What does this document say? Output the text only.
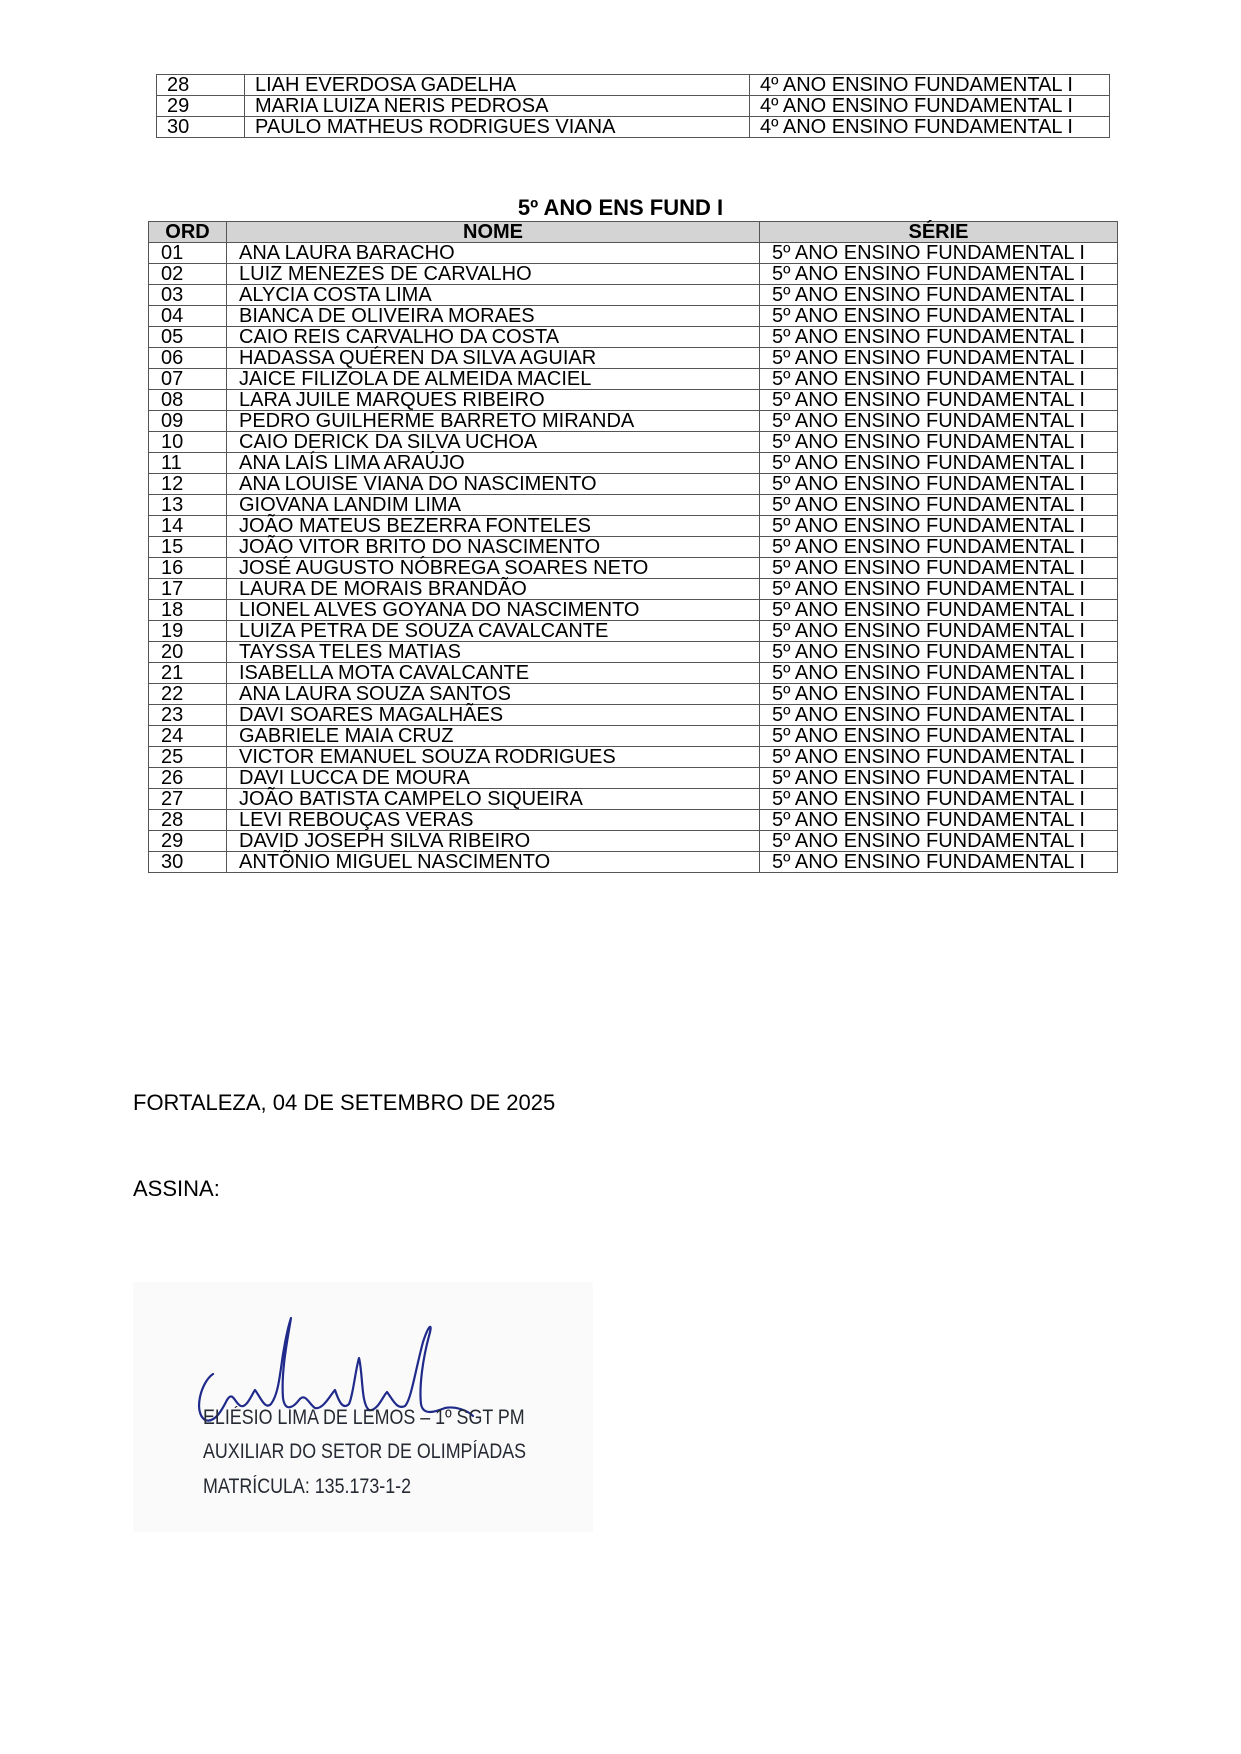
28	LIAH EVERDOSA GADELHA	4º ANO ENSINO FUNDAMENTAL I
29	MARIA LUIZA NERIS PEDROSA	4º ANO ENSINO FUNDAMENTAL I
30	PAULO MATHEUS RODRIGUES VIANA	4º ANO ENSINO FUNDAMENTAL I
5º ANO ENS FUND I
ORD	NOME	SÉRIE
01	ANA LAURA BARACHO	5º ANO ENSINO FUNDAMENTAL I
02	LUIZ MENEZES DE CARVALHO	5º ANO ENSINO FUNDAMENTAL I
03	ALYCIA COSTA LIMA	5º ANO ENSINO FUNDAMENTAL I
04	BIANCA DE OLIVEIRA MORAES	5º ANO ENSINO FUNDAMENTAL I
05	CAIO REIS CARVALHO DA COSTA	5º ANO ENSINO FUNDAMENTAL I
06	HADASSA QUÉREN DA SILVA AGUIAR	5º ANO ENSINO FUNDAMENTAL I
07	JAICE FILIZOLA DE ALMEIDA MACIEL	5º ANO ENSINO FUNDAMENTAL I
08	LARA JUILE MARQUES RIBEIRO	5º ANO ENSINO FUNDAMENTAL I
09	PEDRO GUILHERME BARRETO MIRANDA	5º ANO ENSINO FUNDAMENTAL I
10	CAIO DERICK DA SILVA UCHOA	5º ANO ENSINO FUNDAMENTAL I
11	ANA LAÍS LIMA ARAÚJO	5º ANO ENSINO FUNDAMENTAL I
12	ANA LOUISE VIANA DO NASCIMENTO	5º ANO ENSINO FUNDAMENTAL I
13	GIOVANA LANDIM LIMA	5º ANO ENSINO FUNDAMENTAL I
14	JOÃO MATEUS BEZERRA FONTELES	5º ANO ENSINO FUNDAMENTAL I
15	JOÃO VITOR BRITO DO NASCIMENTO	5º ANO ENSINO FUNDAMENTAL I
16	JOSÉ AUGUSTO NÓBREGA SOARES NETO	5º ANO ENSINO FUNDAMENTAL I
17	LAURA DE MORAIS BRANDÃO	5º ANO ENSINO FUNDAMENTAL I
18	LIONEL ALVES GOYANA DO NASCIMENTO	5º ANO ENSINO FUNDAMENTAL I
19	LUIZA PETRA DE SOUZA CAVALCANTE	5º ANO ENSINO FUNDAMENTAL I
20	TAYSSA TELES MATIAS	5º ANO ENSINO FUNDAMENTAL I
21	ISABELLA MOTA CAVALCANTE	5º ANO ENSINO FUNDAMENTAL I
22	ANA LAURA SOUZA SANTOS	5º ANO ENSINO FUNDAMENTAL I
23	DAVI SOARES MAGALHÃES	5º ANO ENSINO FUNDAMENTAL I
24	GABRIELE MAIA CRUZ	5º ANO ENSINO FUNDAMENTAL I
25	VICTOR EMANUEL SOUZA RODRIGUES	5º ANO ENSINO FUNDAMENTAL I
26	DAVI LUCCA DE MOURA	5º ANO ENSINO FUNDAMENTAL I
27	JOÃO BATISTA CAMPELO SIQUEIRA	5º ANO ENSINO FUNDAMENTAL I
28	LEVI REBOUÇAS VERAS	5º ANO ENSINO FUNDAMENTAL I
29	DAVID JOSEPH SILVA RIBEIRO	5º ANO ENSINO FUNDAMENTAL I
30	ANTÕNIO MIGUEL NASCIMENTO	5º ANO ENSINO FUNDAMENTAL I
FORTALEZA, 04 DE SETEMBRO DE 2025
ASSINA:
ELIÉSIO LIMA DE LEMOS – 1º SGT PM
AUXILIAR DO SETOR DE OLIMPÍADAS
MATRÍCULA: 135.173-1-2
